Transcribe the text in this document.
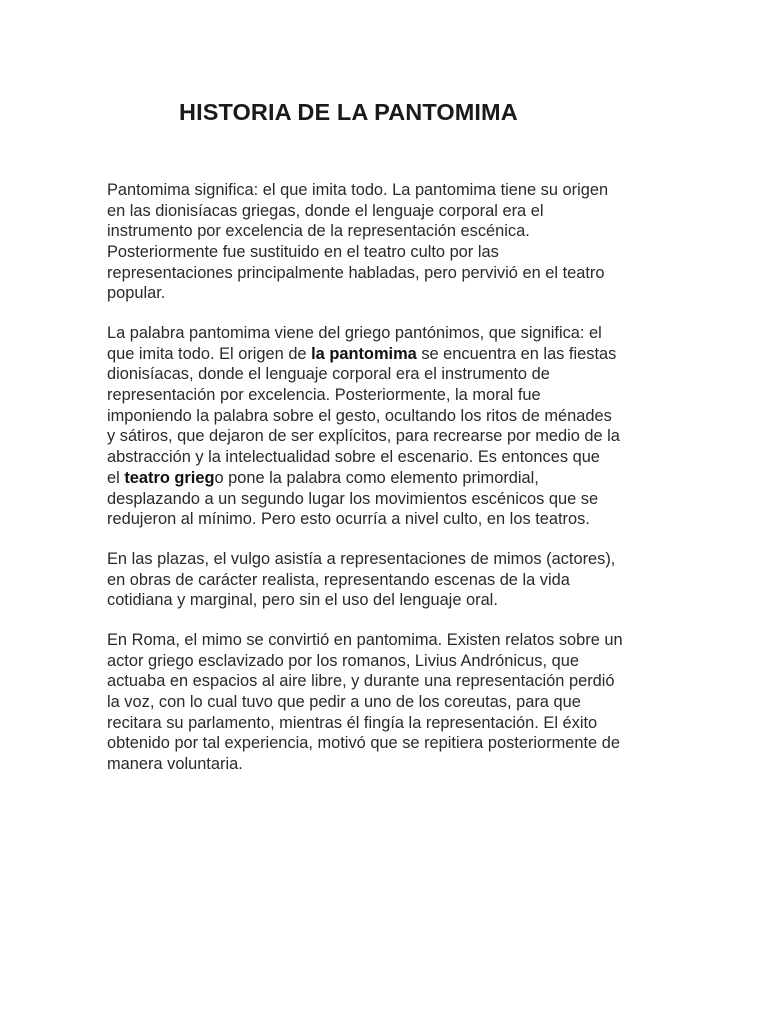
HISTORIA DE LA PANTOMIMA

Pantomima significa: el que imita todo. La pantomima tiene su origen
en las dionisíacas griegas, donde el lenguaje corporal era el
instrumento por excelencia de la representación escénica.
Posteriormente fue sustituido en el teatro culto por las
representaciones principalmente habladas, pero pervivió en el teatro
popular.

La palabra pantomima viene del griego pantónimos, que significa: el
que imita todo. El origen de la pantomima se encuentra en las fiestas
dionisíacas, donde el lenguaje corporal era el instrumento de
representación por excelencia. Posteriormente, la moral fue
imponiendo la palabra sobre el gesto, ocultando los ritos de ménades
y sátiros, que dejaron de ser explícitos, para recrearse por medio de la
abstracción y la intelectualidad sobre el escenario. Es entonces que
el teatro griego pone la palabra como elemento primordial,
desplazando a un segundo lugar los movimientos escénicos que se
redujeron al mínimo. Pero esto ocurría a nivel culto, en los teatros.

En las plazas, el vulgo asistía a representaciones de mimos (actores),
en obras de carácter realista, representando escenas de la vida
cotidiana y marginal, pero sin el uso del lenguaje oral.

En Roma, el mimo se convirtió en pantomima. Existen relatos sobre un
actor griego esclavizado por los romanos, Livius Andrónicus, que
actuaba en espacios al aire libre, y durante una representación perdió
la voz, con lo cual tuvo que pedir a uno de los coreutas, para que
recitara su parlamento, mientras él fingía la representación. El éxito
obtenido por tal experiencia, motivó que se repitiera posteriormente de
manera voluntaria.
